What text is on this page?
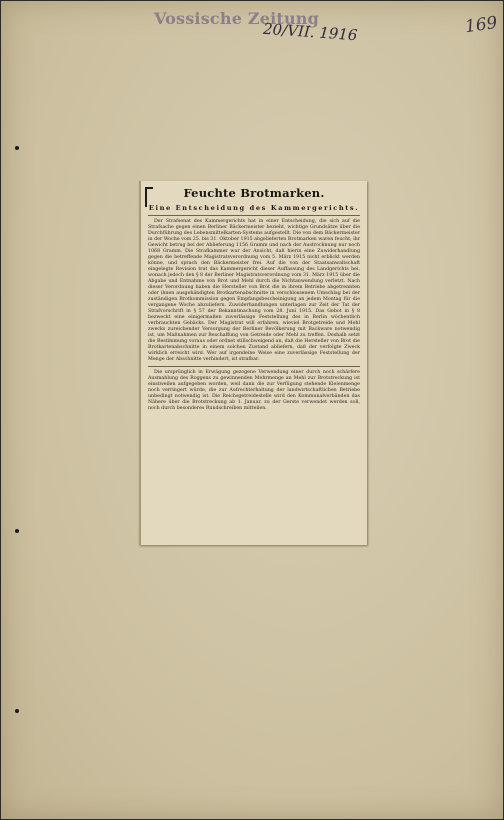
Vossische Zeitung
20/VII. 1916	169
Feuchte Brotmarken.
Eine Entscheidung des Kammergerichts.

Der Strafsenat des Kammergerichts hat in einer Entscheidung, die sich auf die Strafsache gegen einen Berliner Bäckermeister bezieht, wichtige Grundsätze über die Durchführung des Lebensmittelkarten-Systems aufgestellt. Die von dem Bäckermeister in der Woche vom 25. bis 31. Oktober 1915 abgelieferten Brotmarken waren feucht; ihr Gewicht betrug bei der Ablieferung 1156 Gramm und nach der Austrocknung nur noch 1068 Gramm. Die Strafkammer war der Ansicht, daß hierin eine Zuwiderhandlung gegen die betreffende Magistratsverordnung vom 5. März 1915 nicht erblickt werden könne, und sprach den Bäckermeister frei. Auf die von der Staatsanwaltschaft eingelegte Revision trat das Kammergericht dieser Auffassung des Landgerichts bei, wonach jedoch den § 8 der Berliner Magistratsverordnung vom 31. März 1915 über die Abgabe und Entnahme von Brot und Mehl durch die Nichtanwendung verletzt. Nach dieser Verordnung haben die Hersteller von Brot die in ihrem Betriebe abgetrennten oder ihnen ausgehändigten Brotkartenabschnitte in verschlossenem Umschlag bei der zuständigen Brotkommission gegen Empfangsbescheinigung an jedem Montag für die vergangene Woche abzuliefern. Zuwiderhandlungen unterlagen zur Zeit der Tat der Strafvorschrift in § 57 der Bekanntmachung vom 28. Juni 1915. Das Gebot in § 8 bezweckt eine einigermaßen zuverlässige Feststellung des in Berlin wöchentlich verbrauchten Gebäcks. Der Magistrat will erfahren, wieviel Brotgetreide und Mehl zwecks zureichender Versorgung der Berliner Bevölkerung mit Backware notwendig ist, um Maßnahmen zur Beschaffung von Getreide oder Mehl zu treffen. Deshalb setzt die Bestimmung voraus oder ordnet stillschweigend an, daß die Hersteller von Brot die Brotkartenabschnitte in einem solchen Zustand abliefern, daß der verfolgte Zweck wirklich erreicht wird. Wer auf irgendeine Weise eine zuverlässige Feststellung der Menge der Abschnitte verhindert, ist strafbar.

Die ursprünglich in Erwägung gezogene Verwendung einer durch noch schärfere Ausmahlung des Roggens zu gewinnenden Mehrmenge an Mehl zur Brotstreckung ist einstweilen aufgegeben worden, weil dann die zur Verfügung stehende Kleienmenge noch verringert würde, die zur Aufrechterhaltung der landwirtschaftlichen Betriebe unbedingt notwendig ist. Die Reichsgetreidestelle wird den Kommunalverbänden das Nähere über die Brotstreckung ab 1. Januar, zu der Gerste verwendet werden soll, noch durch besonderes Rundschreiben mitteilen.
